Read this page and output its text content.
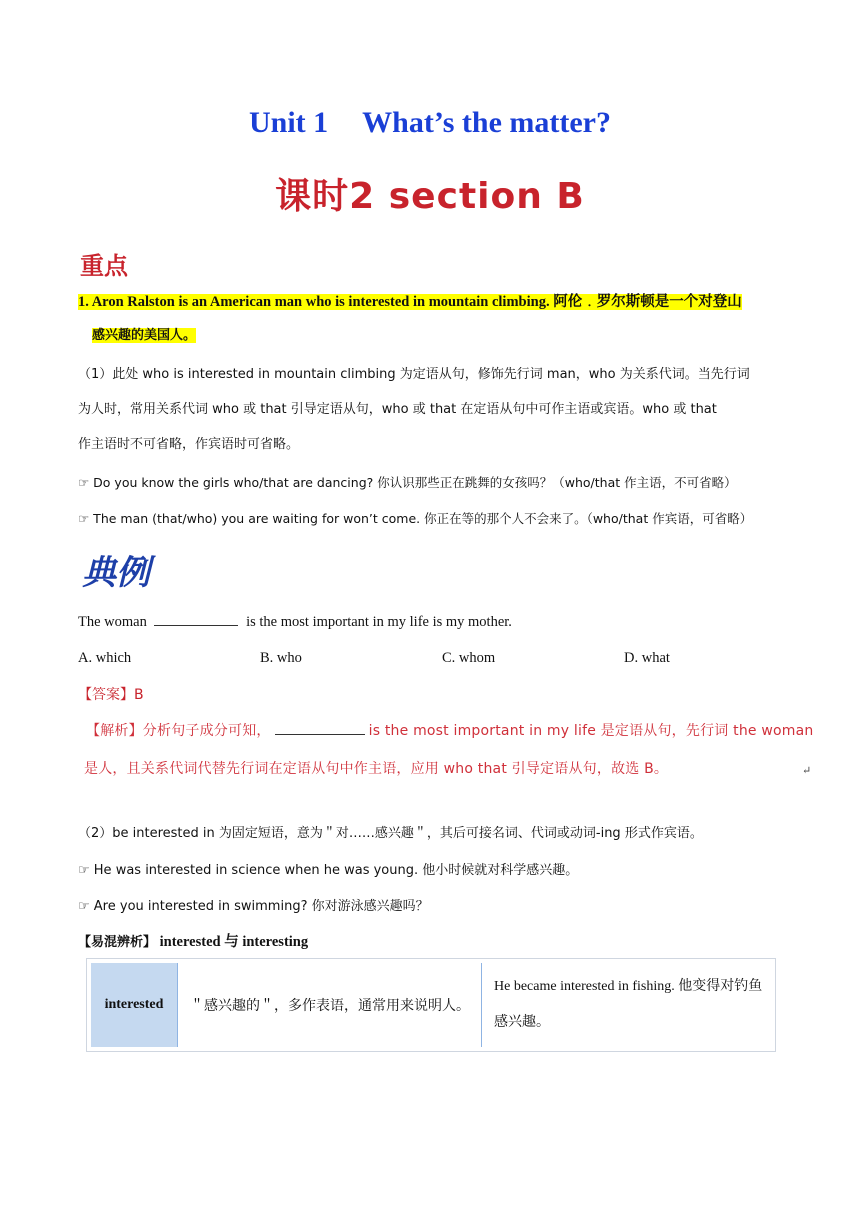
Unit 1 What’s the matter?
课时2 section B
重点
1. Aron Ralston is an American man who is interested in mountain climbing. 阿伦﹒罗尔斯顿是一个对登山
感兴趣的美国人。
（1）此处 who is interested in mountain climbing 为定语从句，修饰先行词 man，who 为关系代词。当先行词
为人时，常用关系代词 who 或 that 引导定语从句，who 或 that 在定语从句中可作主语或宾语。who 或 that
作主语时不可省略，作宾语时可省略。
☞ Do you know the girls who/that are dancing? 你认识那些正在跳舞的女孩吗？（who/that 作主语，不可省略）
☞ The man (that/who) you are waiting for won’t come. 你正在等的那个人不会来了。（who/that 作宾语，可省略）
典例
The woman	is the most important in my life is my mother.
A. which	B. who	C. whom	D. what
【答案】B
【解析】分析句子成分可知，	is the most important in my life 是定语从句，先行词 the woman
是人，且关系代词代替先行词在定语从句中作主语，应用 who that 引导定语从句，故选 B。	↵
（2）be interested in 为固定短语，意为＂对……感兴趣＂，其后可接名词、代词或动词-ing 形式作宾语。
☞ He was interested in science when he was young. 他小时候就对科学感兴趣。
☞ Are you interested in swimming? 你对游泳感兴趣吗？
【易混辨析】 interested 与 interesting
interested	＂感兴趣的＂，多作表语，通常用来说明人。	He became interested in fishing. 他变得对钓鱼感兴趣。
